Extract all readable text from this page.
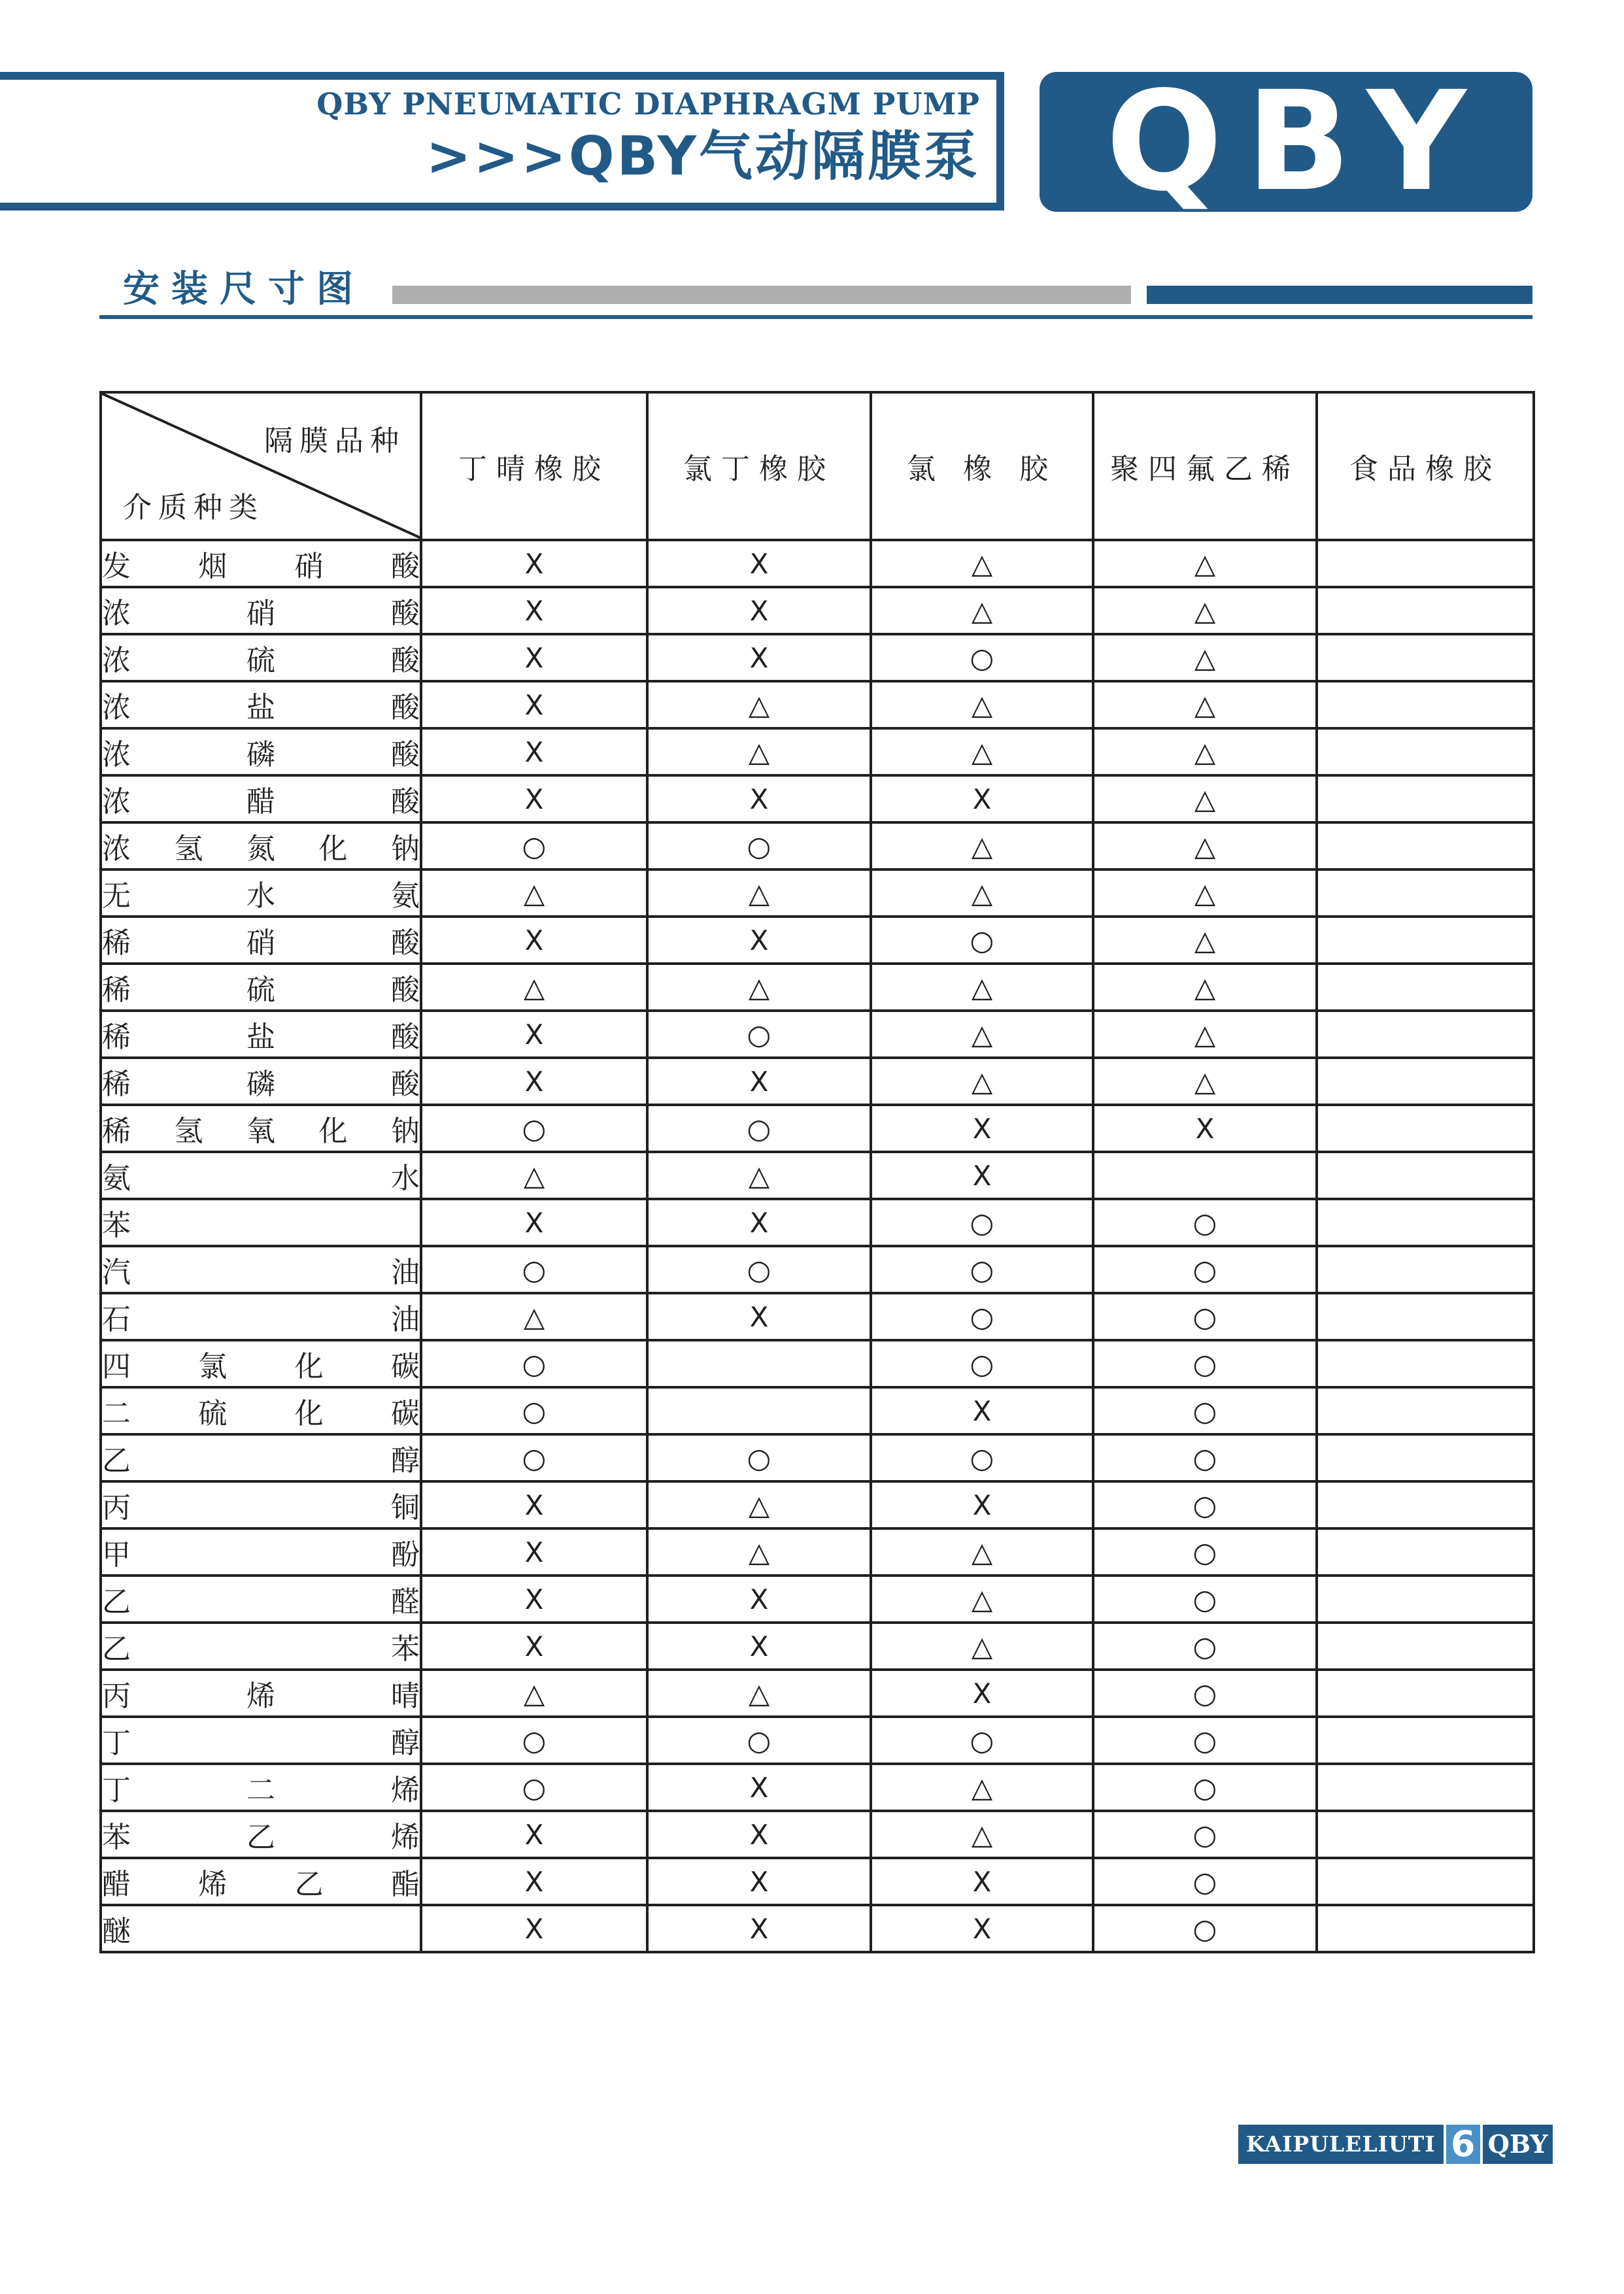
QBY PNEUMATIC DIAPHRAGM PUMP
>>>QBY气动隔膜泵 QBY
安装尺寸图
隔膜品种
介质种类	丁晴橡胶	氯丁橡胶	氯 橡 胶	聚四氟乙稀	食品橡胶
发烟硝酸	X	X	△	△	
浓硝酸	X	X	△	△	
浓硫酸	X	X	○	△	
浓盐酸	X	△	△	△	
浓磷酸	X	△	△	△	
浓醋酸	X	X	X	△	
浓氢氮化钠	○	○	△	△	
无水氨	△	△	△	△	
稀硝酸	X	X	○	△	
稀硫酸	△	△	△	△	
稀盐酸	X	○	△	△	
稀磷酸	X	X	△	△	
稀氢氧化钠	○	○	X	X	
氨水	△	△	X		
苯	X	X	○	○	
汽油	○	○	○	○	
石油	△	X	○	○	
四氯化碳	○		○	○	
二硫化碳	○		X	○	
乙醇	○	○	○	○	
丙铜	X	△	X	○	
甲酚	X	△	△	○	
乙醛	X	X	△	○	
乙苯	X	X	△	○	
丙烯晴	△	△	X	○	
丁醇	○	○	○	○	
丁二烯	○	X	△	○	
苯乙烯	X	X	△	○	
醋烯乙酯	X	X	X	○	
醚	X	X	X	○	
KAIPULELIUTI 6 QBY
